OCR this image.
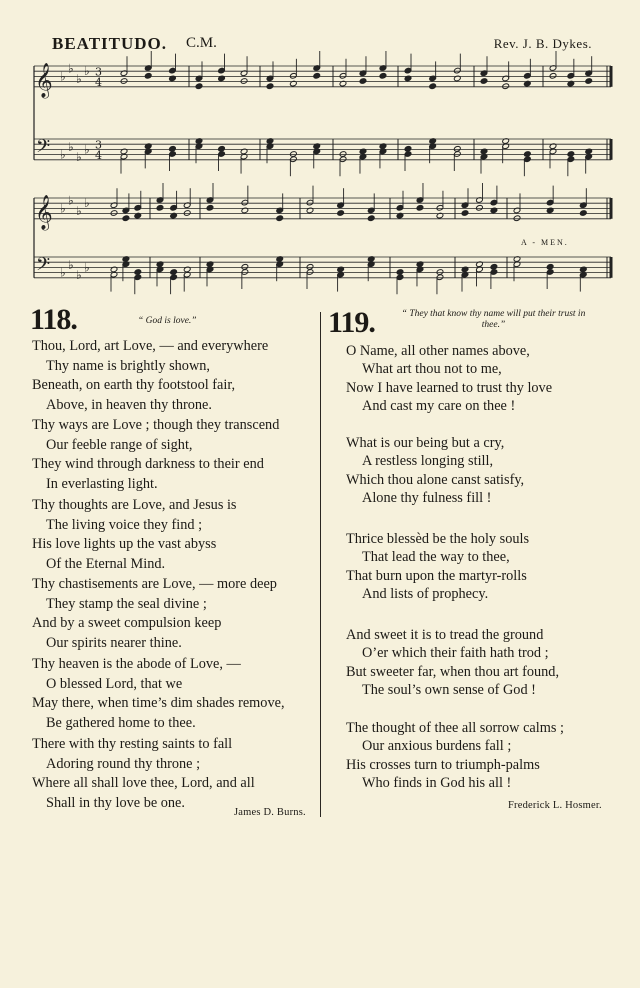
BEATITUDO. C.M.	Rev. J. B. Dykes.
𝄞
𝄢
♭
♭
♭
♭
♭
♭
♭
♭
3
4
3
4
𝄞
𝄢
♭
♭
♭
♭
♭
♭
♭
♭
A - MEN.
118.	“ God is love.”
James D. Burns.
Thou, Lord, art Love, — and everywhere
Thy name is brightly shown,
Beneath, on earth thy footstool fair,
Above, in heaven thy throne.
Thy ways are Love ; though they transcend
Our feeble range of sight,
They wind through darkness to their end
In everlasting light.
Thy thoughts are Love, and Jesus is
The living voice they find ;
His love lights up the vast abyss
Of the Eternal Mind.
Thy chastisements are Love, — more deep
They stamp the seal divine ;
And by a sweet compulsion keep
Our spirits nearer thine.
Thy heaven is the abode of Love, —
O blessed Lord, that we
May there, when time’s dim shades remove,
Be gathered home to thee.
There with thy resting saints to fall
Adoring round thy throne ;
Where all shall love thee, Lord, and all
Shall in thy love be one.
119.	“ They that know thy name will put their trust in thee.”
Frederick L. Hosmer.
O Name, all other names above,
What art thou not to me,
Now I have learned to trust thy love
And cast my care on thee !
What is our being but a cry,
A restless longing still,
Which thou alone canst satisfy,
Alone thy fulness fill !
Thrice blessèd be the holy souls
That lead the way to thee,
That burn upon the martyr-rolls
And lists of prophecy.
And sweet it is to tread the ground
O’er which their faith hath trod ;
But sweeter far, when thou art found,
The soul’s own sense of God !
The thought of thee all sorrow calms ;
Our anxious burdens fall ;
His crosses turn to triumph-palms
Who finds in God his all !
